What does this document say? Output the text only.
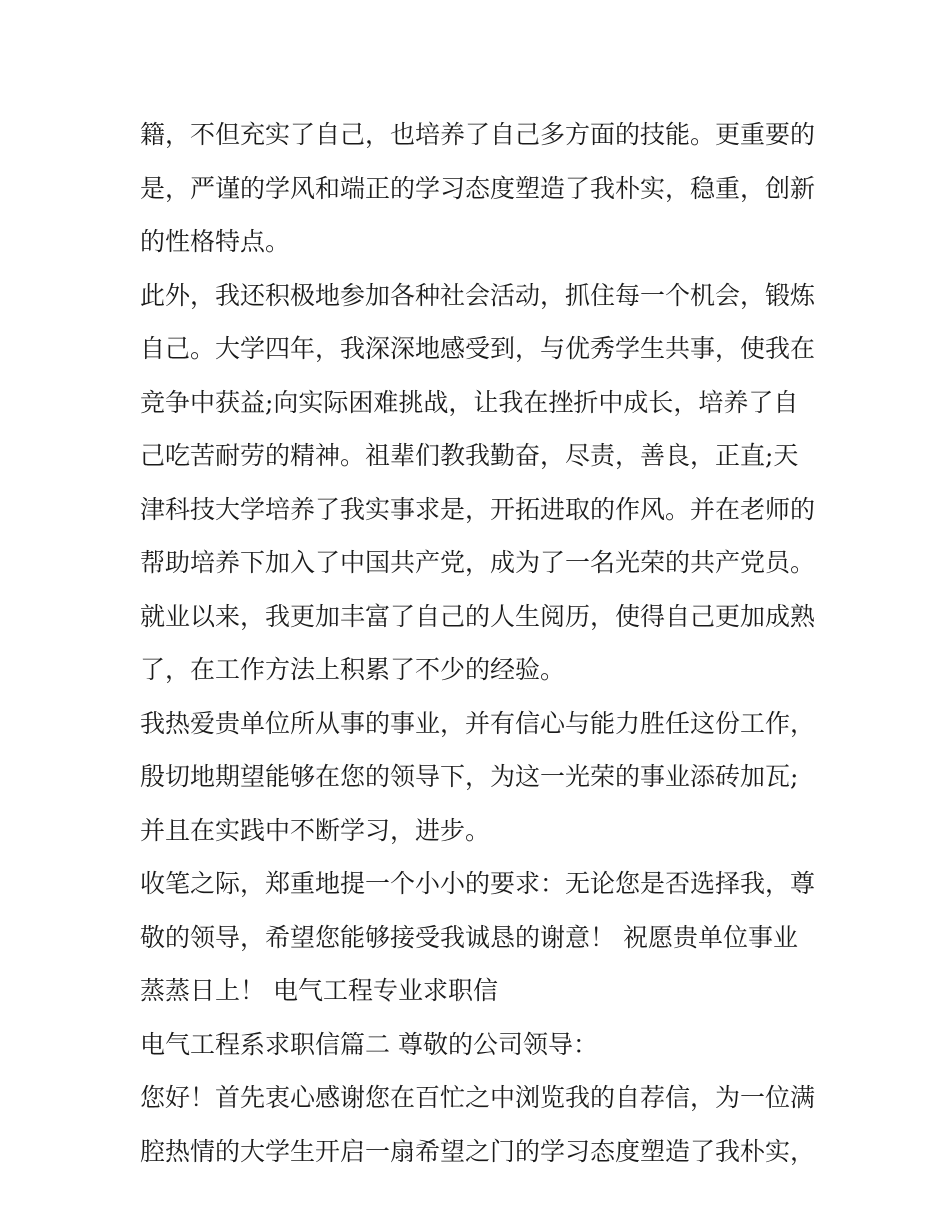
籍，不但充实了自己，也培养了自己多方面的技能。更重要的
是，严谨的学风和端正的学习态度塑造了我朴实，稳重，创新
的性格特点。
此外，我还积极地参加各种社会活动，抓住每一个机会，锻炼
自己。大学四年，我深深地感受到，与优秀学生共事，使我在
竞争中获益;向实际困难挑战，让我在挫折中成长，培养了自
己吃苦耐劳的精神。祖辈们教我勤奋，尽责，善良，正直;天
津科技大学培养了我实事求是，开拓进取的作风。并在老师的
帮助培养下加入了中国共产党，成为了一名光荣的共产党员。
就业以来，我更加丰富了自己的人生阅历，使得自己更加成熟
了，在工作方法上积累了不少的经验。
我热爱贵单位所从事的事业，并有信心与能力胜任这份工作，
殷切地期望能够在您的领导下，为这一光荣的事业添砖加瓦;
并且在实践中不断学习，进步。
收笔之际，郑重地提一个小小的要求：无论您是否选择我，尊
敬的领导，希望您能够接受我诚恳的谢意！ 祝愿贵单位事业
蒸蒸日上！ 电气工程专业求职信
电气工程系求职信篇二 尊敬的公司领导：
您好！首先衷心感谢您在百忙之中浏览我的自荐信，为一位满
腔热情的大学生开启一扇希望之门的学习态度塑造了我朴实，
